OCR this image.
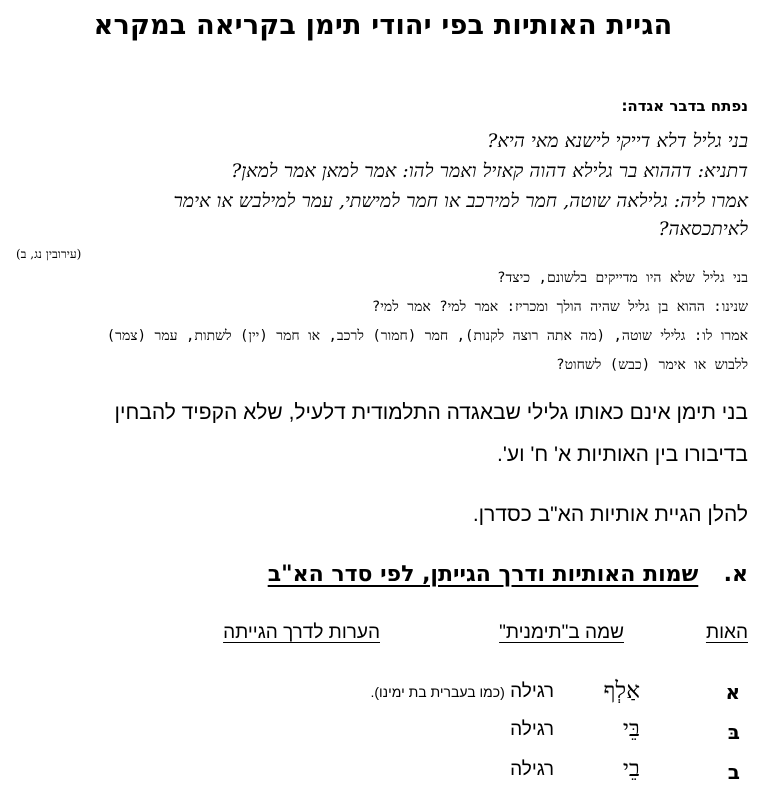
הגיית האותיות בפי יהודי תימן בקריאה במקרא
נפתח בדבר אגדה:
בני גליל דלא דייקי לישנא מאי היא?
דתניא: דההוא בר גלילא דהוה קאזיל ואמר להו: אמר למאן אמר למאן?
אמרו ליה: גלילאה שוטה, חמר למירכב או חמר למישתי, עמר למילבש או אימר
לאיתכסאה?
(עירובין נג, ב)
בני גליל שלא היו מדייקים בלשונם, כיצד?
שנינו: ההוא בן גליל שהיה הולך ומכריז: אמר למי? אמר למי?
אמרו לו: גלילי שוטה, (מה אתה רוצה לקנות), חמר (חמור) לרכב, או חמר (יין) לשתות, עמר (צמר)
ללבוש או אימר (כבש) לשחוט?
בני תימן אינם כאותו גלילי שבאגדה התלמודית דלעיל, שלא הקפיד להבחין
בדיבורו בין האותיות א' ח' וע'.
להלן הגיית אותיות הא"ב כסדרן.
א.  שמות האותיות ודרך הגייתן, לפי סדר הא"ב
האות
שמה ב"תימנית"
הערות לדרך הגייתה
א
אַלְף
רגילה (כמו בעברית בת ימינו).
בּ
בֵּי
רגילה
ב
בֵי
רגילה
